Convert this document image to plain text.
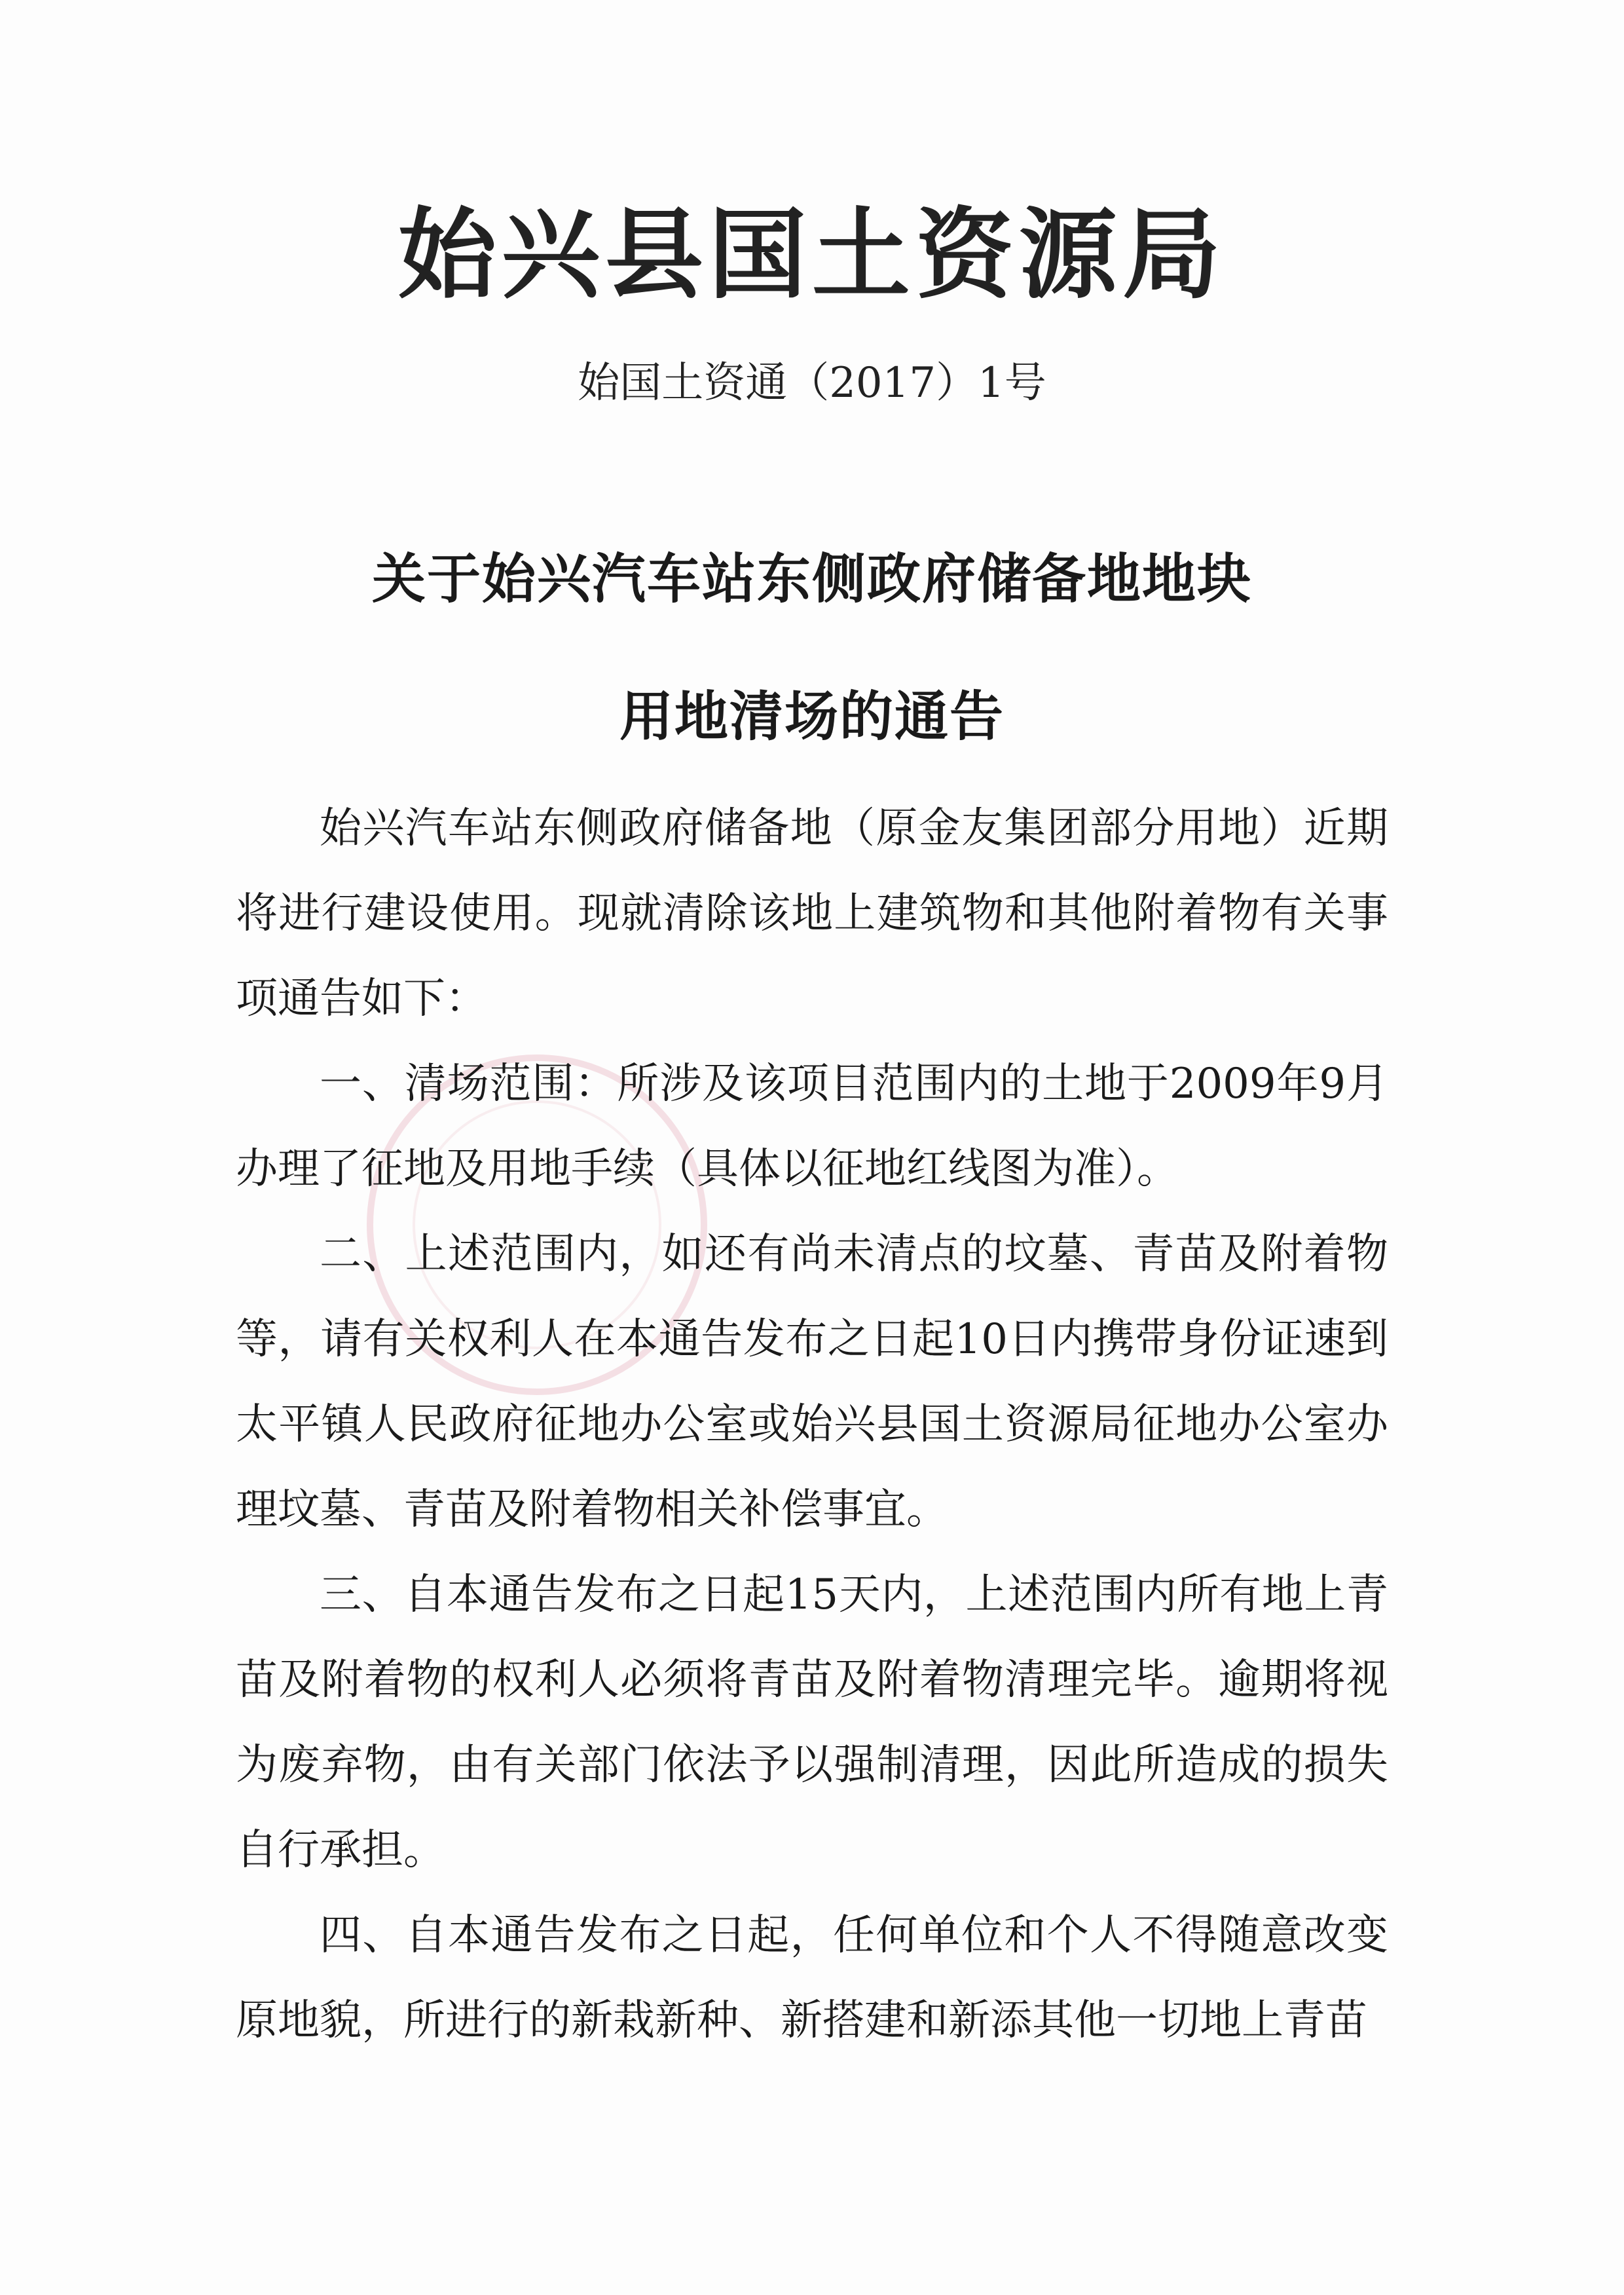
始兴县国土资源局
始国土资通（2017）1号
关于始兴汽车站东侧政府储备地地块
用地清场的通告

始兴汽车站东侧政府储备地（原金友集团部分用地）近期将进行建设使用。现就清除该地上建筑物和其他附着物有关事项通告如下：

一、清场范围：所涉及该项目范围内的土地于2009年9月办理了征地及用地手续（具体以征地红线图为准）。

二、上述范围内，如还有尚未清点的坟墓、青苗及附着物等，请有关权利人在本通告发布之日起10日内携带身份证速到太平镇人民政府征地办公室或始兴县国土资源局征地办公室办理坟墓、青苗及附着物相关补偿事宜。

三、自本通告发布之日起15天内，上述范围内所有地上青苗及附着物的权利人必须将青苗及附着物清理完毕。逾期将视为废弃物，由有关部门依法予以强制清理，因此所造成的损失自行承担。

四、自本通告发布之日起，任何单位和个人不得随意改变原地貌，所进行的新栽新种、新搭建和新添其他一切地上青苗
